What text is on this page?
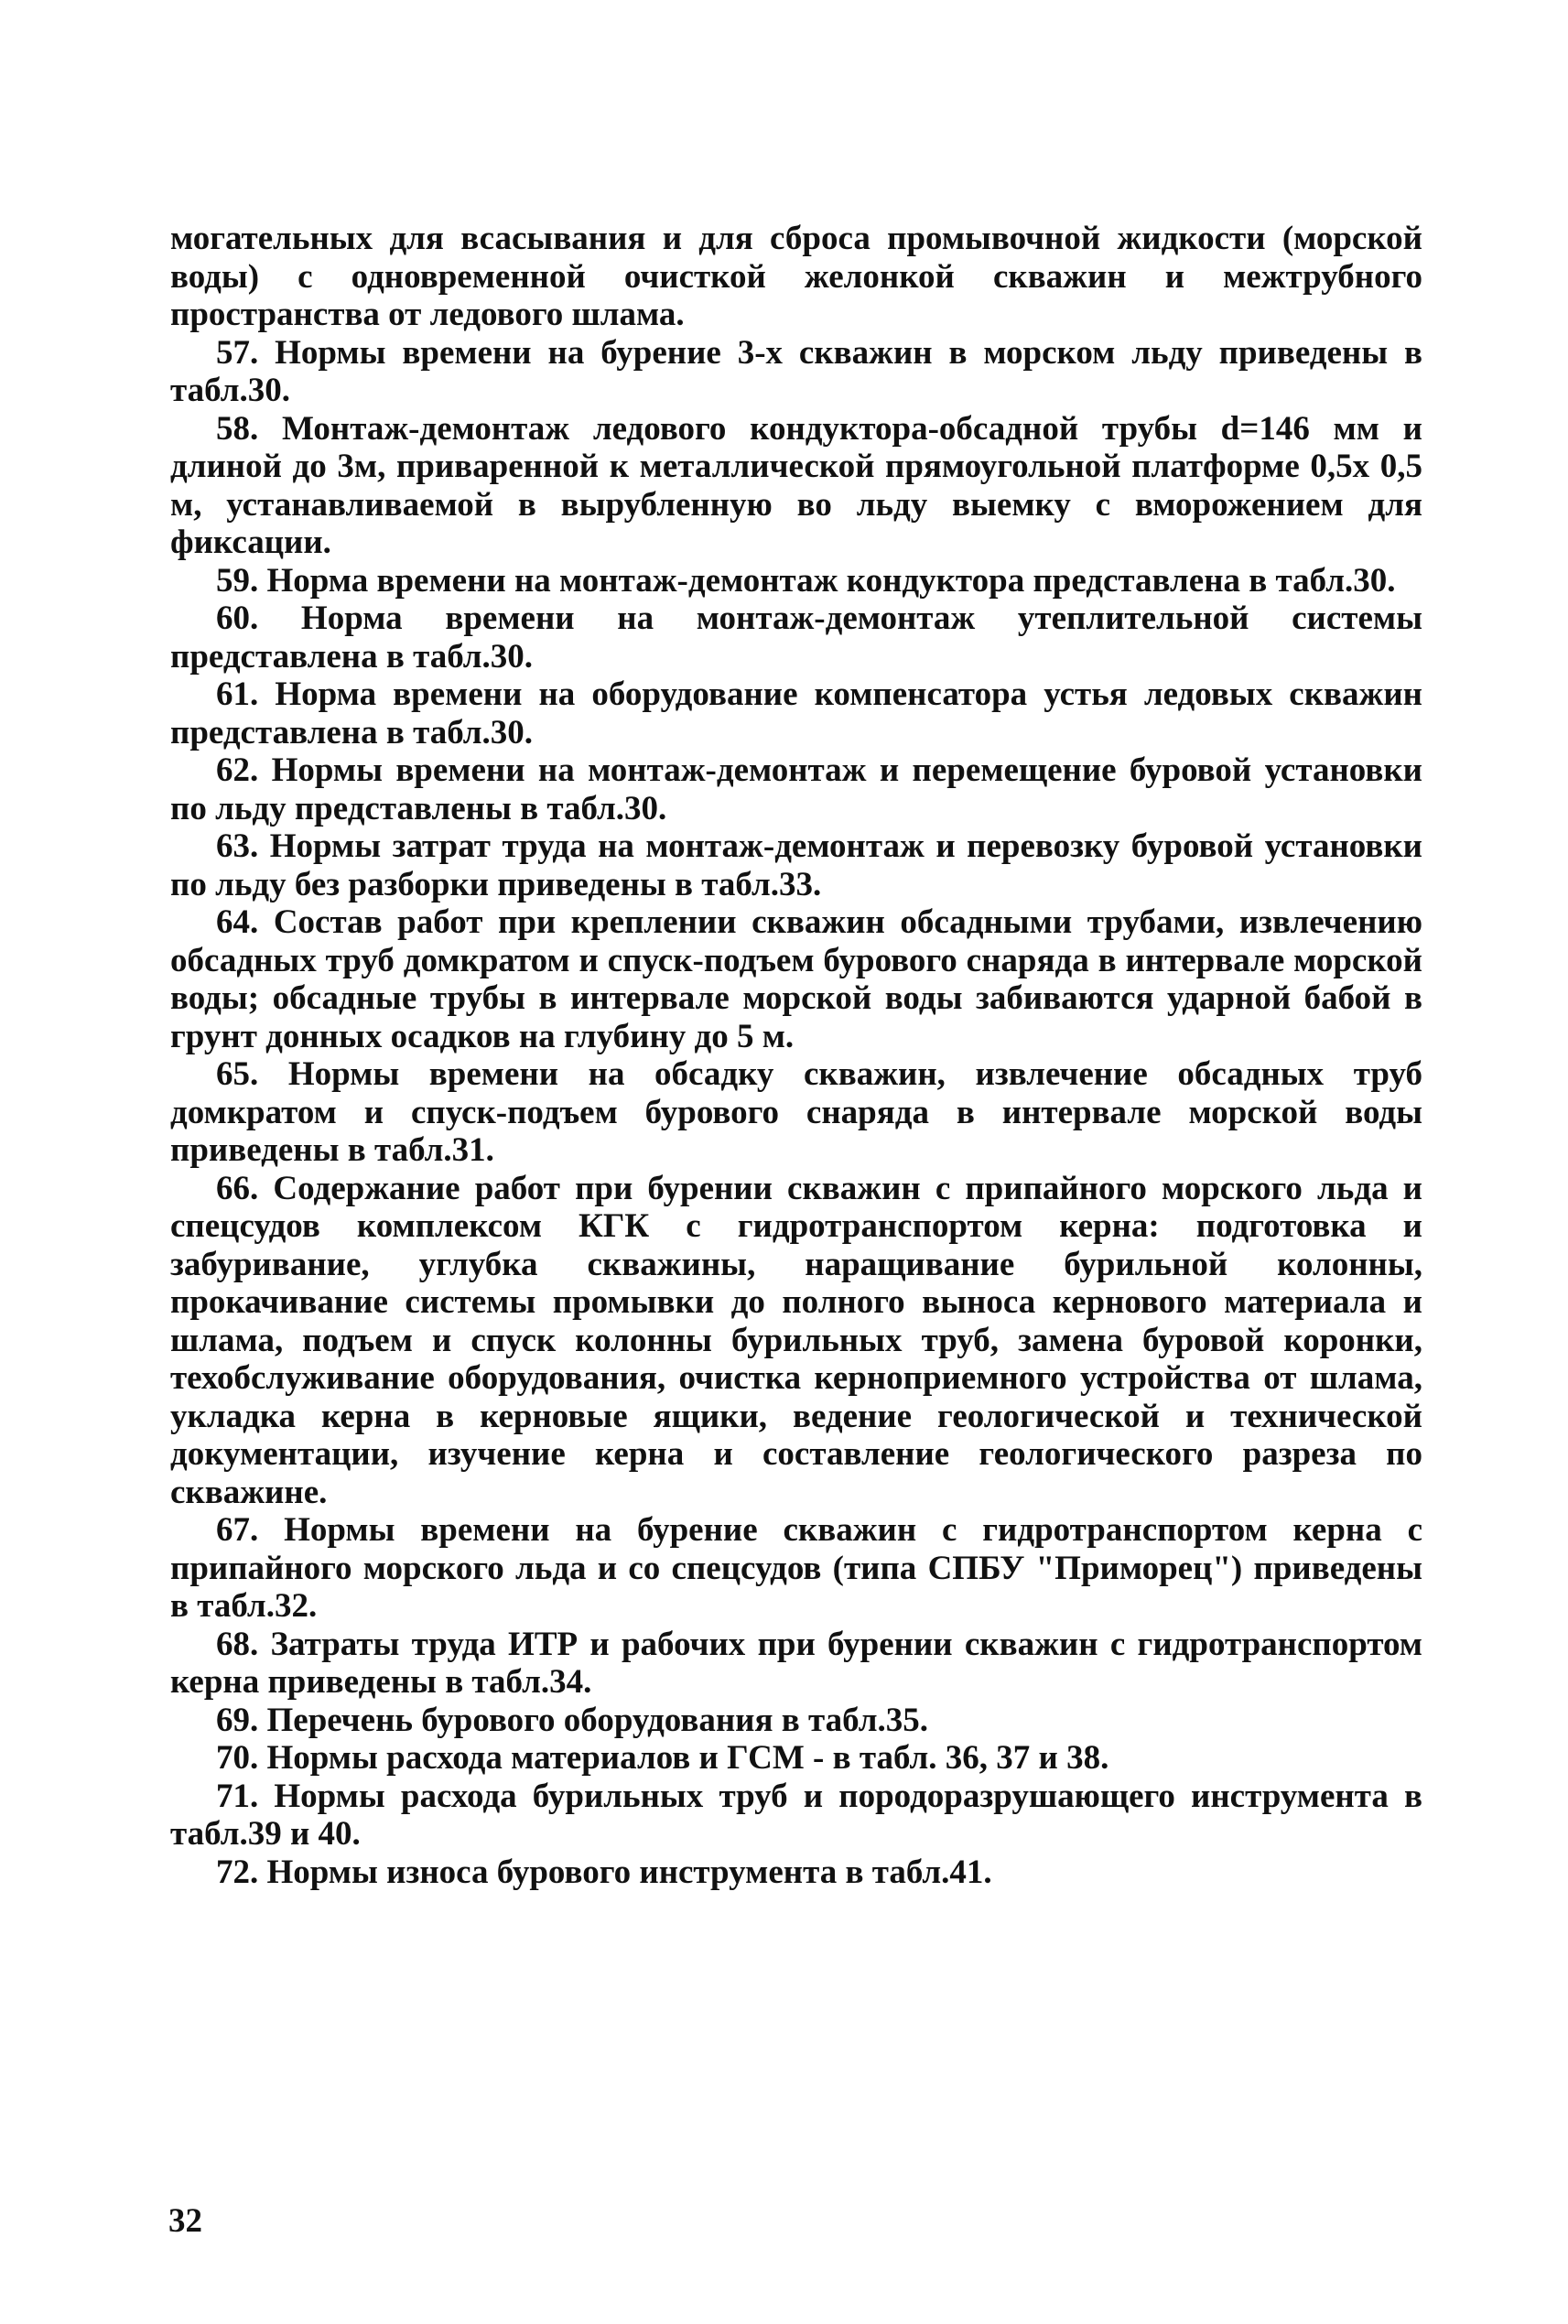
могательных для всасывания и для сброса промывочной жидкости (морской воды) с одновременной очисткой желонкой скважин и межтрубного пространства от ледового шлама.

57. Нормы времени на бурение 3-х скважин в морском льду приведены в табл.30.

58. Монтаж-демонтаж ледового кондуктора-обсадной трубы d=146 мм и длиной до 3м, приваренной к металлической прямоугольной платформе 0,5х 0,5 м, устанавливаемой в вырубленную во льду выемку с вморожением для фиксации.

59. Норма времени на монтаж-демонтаж кондуктора представлена в табл.30.

60. Норма времени на монтаж-демонтаж утеплительной системы представлена в табл.30.

61. Норма времени на оборудование компенсатора устья ледовых скважин представлена в табл.30.

62. Нормы времени на монтаж-демонтаж и перемещение буровой установки по льду представлены в табл.30.

63. Нормы затрат труда на монтаж-демонтаж и перевозку буровой установки по льду без разборки приведены в табл.33.

64. Состав работ при креплении скважин обсадными трубами, извлечению обсадных труб домкратом и спуск-подъем бурового снаряда в интервале морской воды; обсадные трубы в интервале морской воды забиваются ударной бабой в грунт донных осадков на глубину до 5 м.

65. Нормы времени на обсадку скважин, извлечение обсадных труб домкратом и спуск-подъем бурового снаряда в интервале морской воды приведены в табл.31.

66. Содержание работ при бурении скважин с припайного морского льда и спецсудов комплексом КГК с гидротранспортом керна: подготовка и забуривание, углубка скважины, наращивание бурильной колонны, прокачивание системы промывки до полного выноса кернового материала и шлама, подъем и спуск колонны бурильных труб, замена буровой коронки, техобслуживание оборудования, очистка керноприемного устройства от шлама, укладка керна в керновые ящики, ведение геологической и технической документации, изучение керна и составление геологического разреза по скважине.

67. Нормы времени на бурение скважин с гидротранспортом керна с припайного морского льда и со спецсудов (типа СПБУ "Приморец") приведены в табл.32.

68. Затраты труда ИТР и рабочих при бурении скважин с гидротранспортом керна приведены в табл.34.

69. Перечень бурового оборудования в табл.35.

70. Нормы расхода материалов и ГСМ - в табл. 36, 37 и 38.

71. Нормы расхода бурильных труб и породоразрушающего инструмента в табл.39 и 40.

72. Нормы износа бурового инструмента в табл.41.

32
